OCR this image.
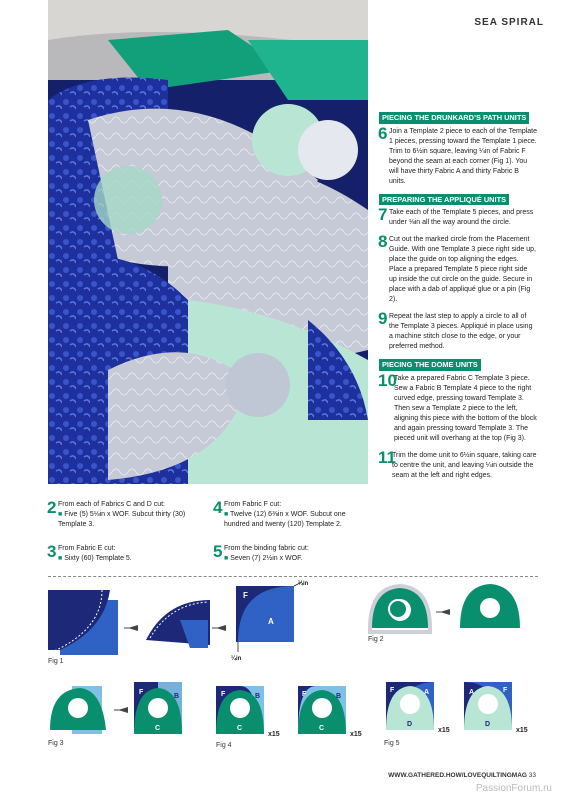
SEA SPIRAL
PIECING THE DRUNKARD’S PATH UNITS
6 Join a Template 2 piece to each of the Template 1 pieces, pressing toward the Template 1 piece. Trim to 6½in square, leaving ¼in of Fabric F beyond the seam at each corner (Fig 1). You will have thirty Fabric A and thirty Fabric B units.
PREPARING THE APPLIQUÉ UNITS
7 Take each of the Template 5 pieces, and press under ⅛in all the way around the circle.
8 Cut out the marked circle from the Placement Guide. With one Template 3 piece right side up, place the guide on top aligning the edges. Place a prepared Template 5 piece right side up inside the cut circle on the guide. Secure in place with a dab of appliqué glue or a pin (Fig 2).
9 Repeat the last step to apply a circle to all of the Template 3 pieces. Appliqué in place using a machine stitch close to the edge, or your preferred method.
PIECING THE DOME UNITS
10
Take a prepared Fabric C Template 3 piece. Sew a Fabric B Template 4 piece to the right curved edge, pressing toward Template 3. Then sew a Template 2 piece to the left, aligning this piece with the bottom of the block and again pressing toward Template 3. The pieced unit will overhang at the top (Fig 3).
11
Trim the dome unit to 6½in square, taking care to centre the unit, and leaving ¼in outside the seam at the left and right edges.
2 From each of Fabrics C and D cut:
■ Five (5) 5⅛in x WOF. Subcut thirty (30) Template 3.
3 From Fabric E cut:
■ Sixty (60) Template 5.
4 From Fabric F cut:
■ Twelve (12) 6⅜in x WOF. Subcut one hundred and twenty (120) Template 2.
5 From the binding fabric cut:
■ Seven (7) 2½in x WOF.
F
A
¼in
¼in
F
B
C
F	B
C
x15
F	B
C
x15
F	A
D
x15
A	F
D
x15
Fig 1
Fig 2
Fig 3	Fig 4	Fig 5
WWW.GATHERED.HOW/LOVEQUILTINGMAG 33
PassionForum.ru
